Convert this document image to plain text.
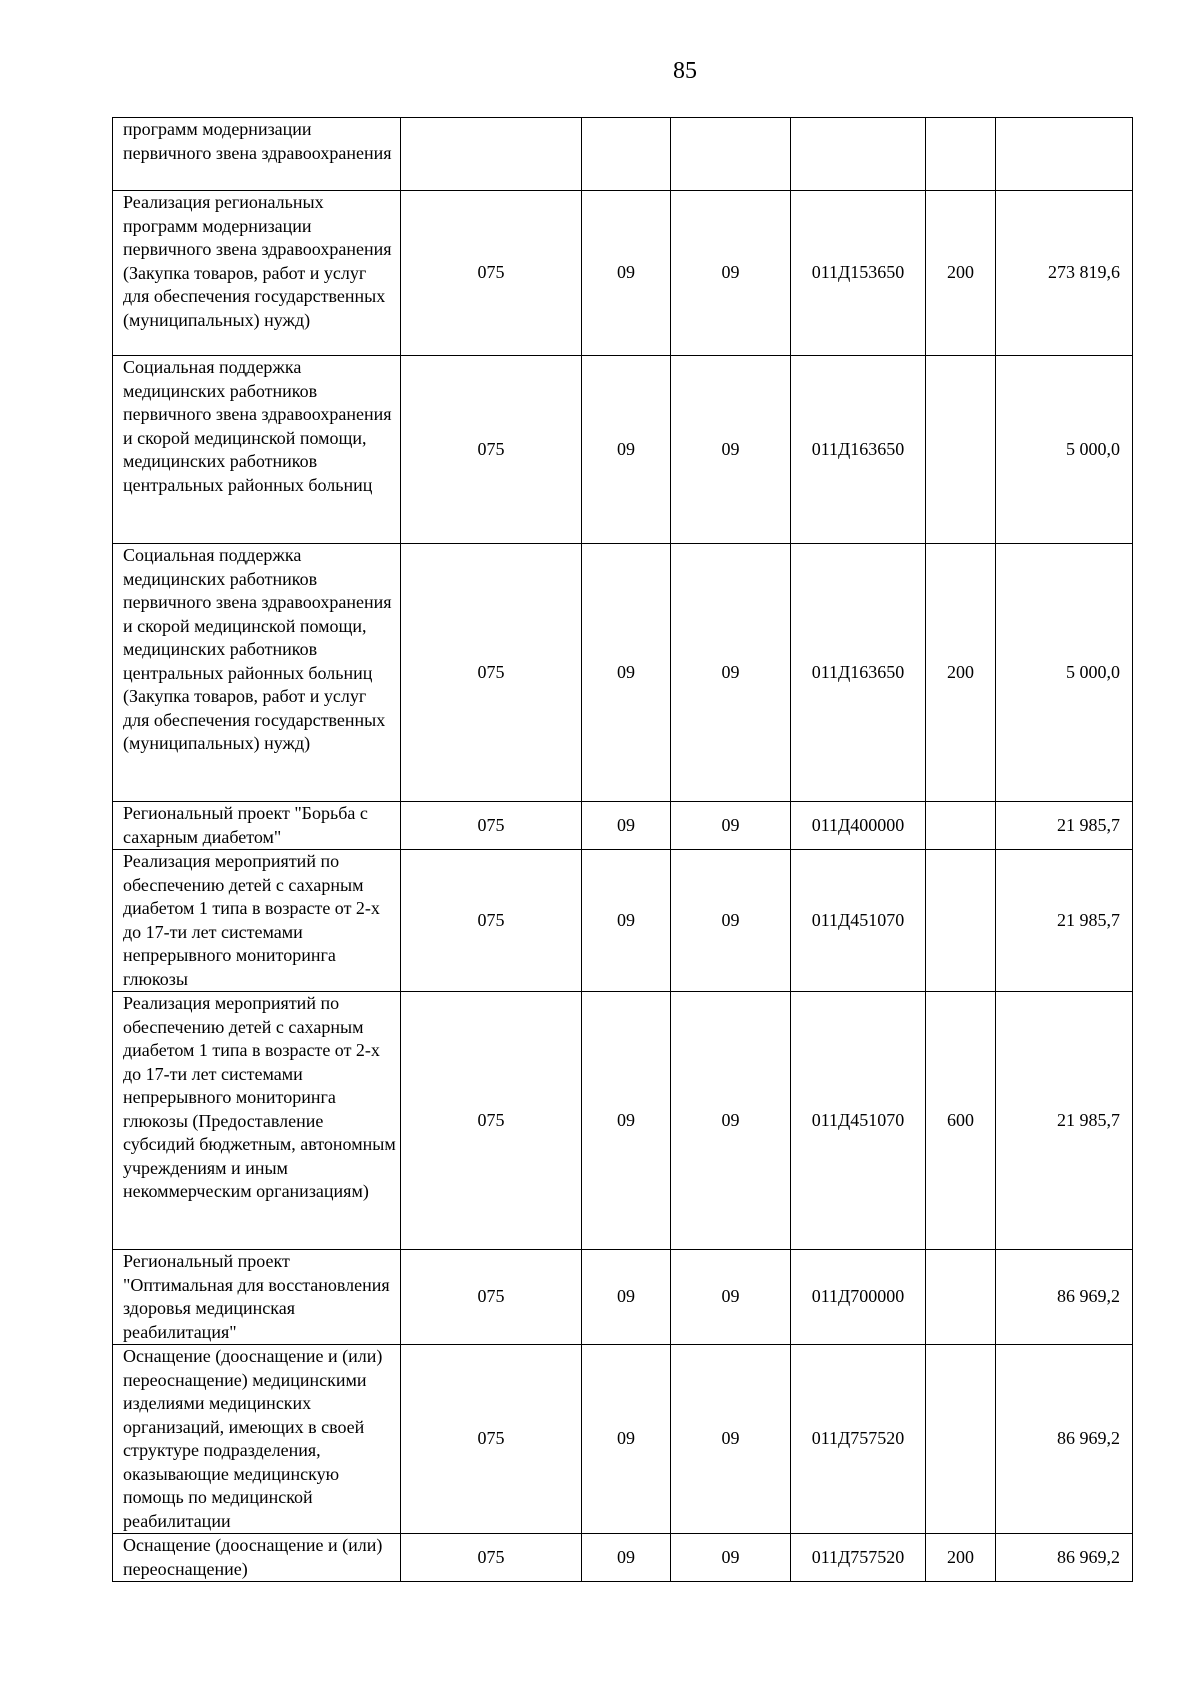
85
программ модернизации первичного звена здравоохранения						
Реализация региональных программ модернизации первичного звена здравоохранения (Закупка товаров, работ и услуг для обеспечения государственных (муниципальных) нужд)	075	09	09	011Д153650	200	273 819,6
Социальная поддержка медицинских работников первичного звена здравоохранения и скорой медицинской помощи, медицинских работников центральных районных больниц	075	09	09	011Д163650		5 000,0
Социальная поддержка медицинских работников первичного звена здравоохранения и скорой медицинской помощи, медицинских работников центральных районных больниц (Закупка товаров, работ и услуг для обеспечения государственных (муниципальных) нужд)	075	09	09	011Д163650	200	5 000,0
Региональный проект "Борьба с сахарным диабетом"	075	09	09	011Д400000		21 985,7
Реализация мероприятий по обеспечению детей с сахарным диабетом 1 типа в возрасте от 2-х до 17-ти лет системами непрерывного мониторинга глюкозы	075	09	09	011Д451070		21 985,7
Реализация мероприятий по обеспечению детей с сахарным диабетом 1 типа в возрасте от 2-х до 17-ти лет системами непрерывного мониторинга глюкозы (Предоставление субсидий бюджетным, автономным учреждениям и иным некоммерческим организациям)	075	09	09	011Д451070	600	21 985,7
Региональный проект "Оптимальная для восстановления здоровья медицинская реабилитация"	075	09	09	011Д700000		86 969,2
Оснащение (дооснащение и (или) переоснащение) медицинскими изделиями медицинских организаций, имеющих в своей структуре подразделения, оказывающие медицинскую помощь по медицинской реабилитации	075	09	09	011Д757520		86 969,2
Оснащение (дооснащение и (или) переоснащение)	075	09	09	011Д757520	200	86 969,2
